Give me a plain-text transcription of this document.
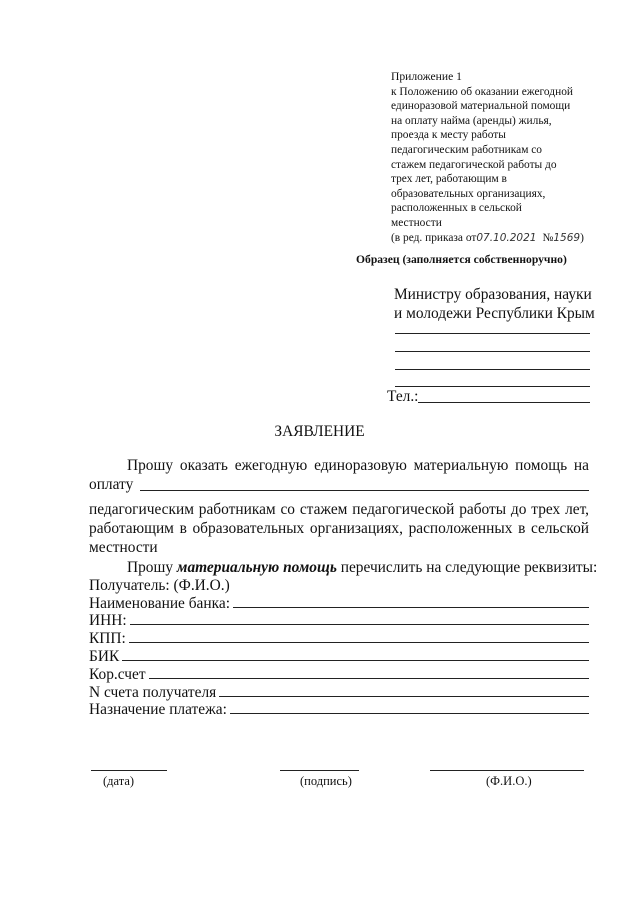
Приложение 1
к Положению об оказании ежегодной
единоразовой материальной помощи
на оплату найма (аренды) жилья,
проезда к месту работы
педагогическим работникам со
стажем педагогической работы до
трех лет, работающим в
образовательных организациях,
расположенных в сельской
местности
(в ред. приказа от 07.10.2021 № 1569 )
Образец (заполняется собственноручно)
Министру образования, науки
и молодежи Республики Крым
Тел.:
ЗАЯВЛЕНИЕ

Прошу оказать ежегодную единоразовую материальную помощь на оплату

педагогическим работникам со стажем педагогической работы до трех лет,
работающим в образовательных организациях, расположенных в сельской
местности
Прошу материальную помощь перечислить на следующие реквизиты:
Получатель: (Ф.И.О.)
Наименование банка:
ИНН:
КПП:
БИК
Кор.счет
N счета получателя
Назначение платежа:
(дата)	(подпись)	(Ф.И.О.)
